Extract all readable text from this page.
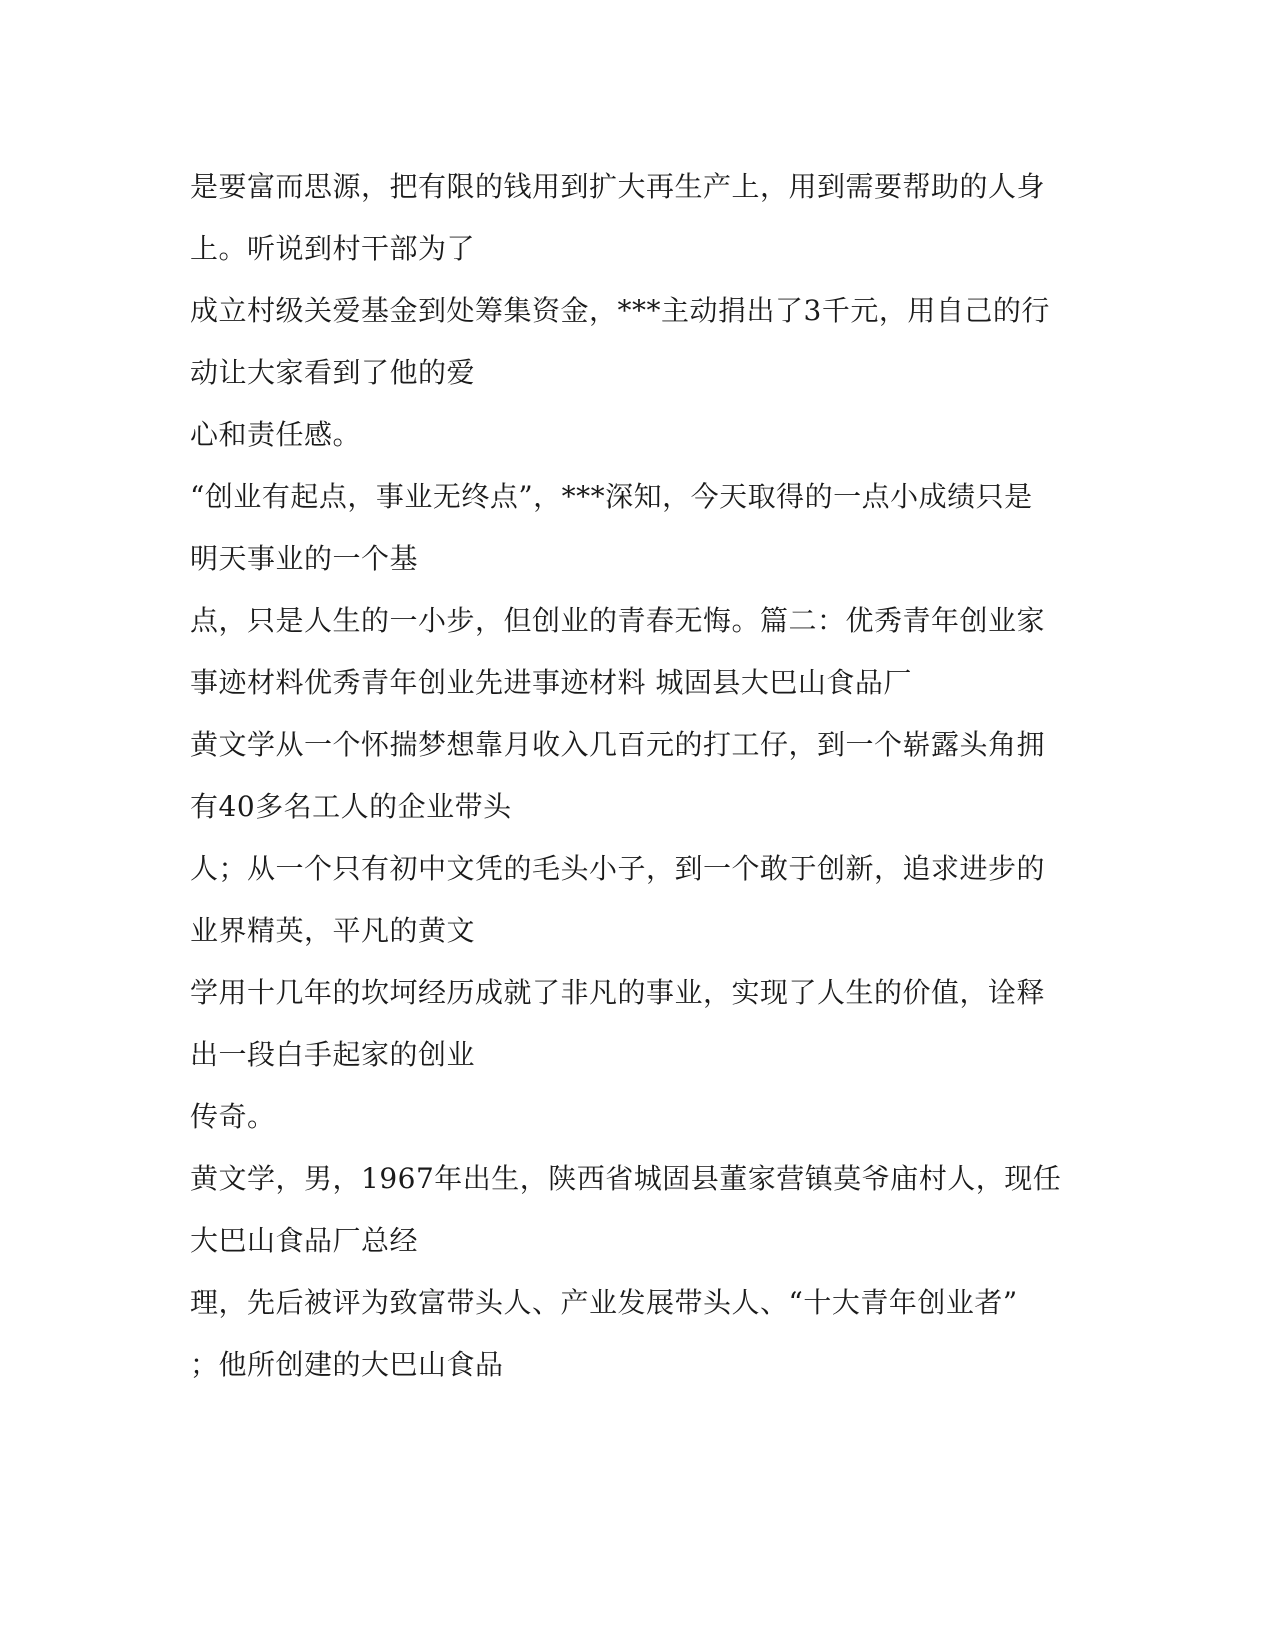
是要富而思源，把有限的钱用到扩大再生产上，用到需要帮助的人身
上。听说到村干部为了
成立村级关爱基金到处筹集资金，***主动捐出了3千元，用自己的行
动让大家看到了他的爱
心和责任感。
“创业有起点，事业无终点”，***深知，今天取得的一点小成绩只是
明天事业的一个基
点，只是人生的一小步，但创业的青春无悔。篇二：优秀青年创业家
事迹材料优秀青年创业先进事迹材料 城固县大巴山食品厂
黄文学从一个怀揣梦想靠月收入几百元的打工仔，到一个崭露头角拥
有40多名工人的企业带头
人；从一个只有初中文凭的毛头小子，到一个敢于创新，追求进步的
业界精英，平凡的黄文
学用十几年的坎坷经历成就了非凡的事业，实现了人生的价值，诠释
出一段白手起家的创业
传奇。
黄文学，男，1967年出生，陕西省城固县董家营镇莫爷庙村人，现任
大巴山食品厂总经
理，先后被评为致富带头人、产业发展带头人、“十大青年创业者”
；他所创建的大巴山食品
